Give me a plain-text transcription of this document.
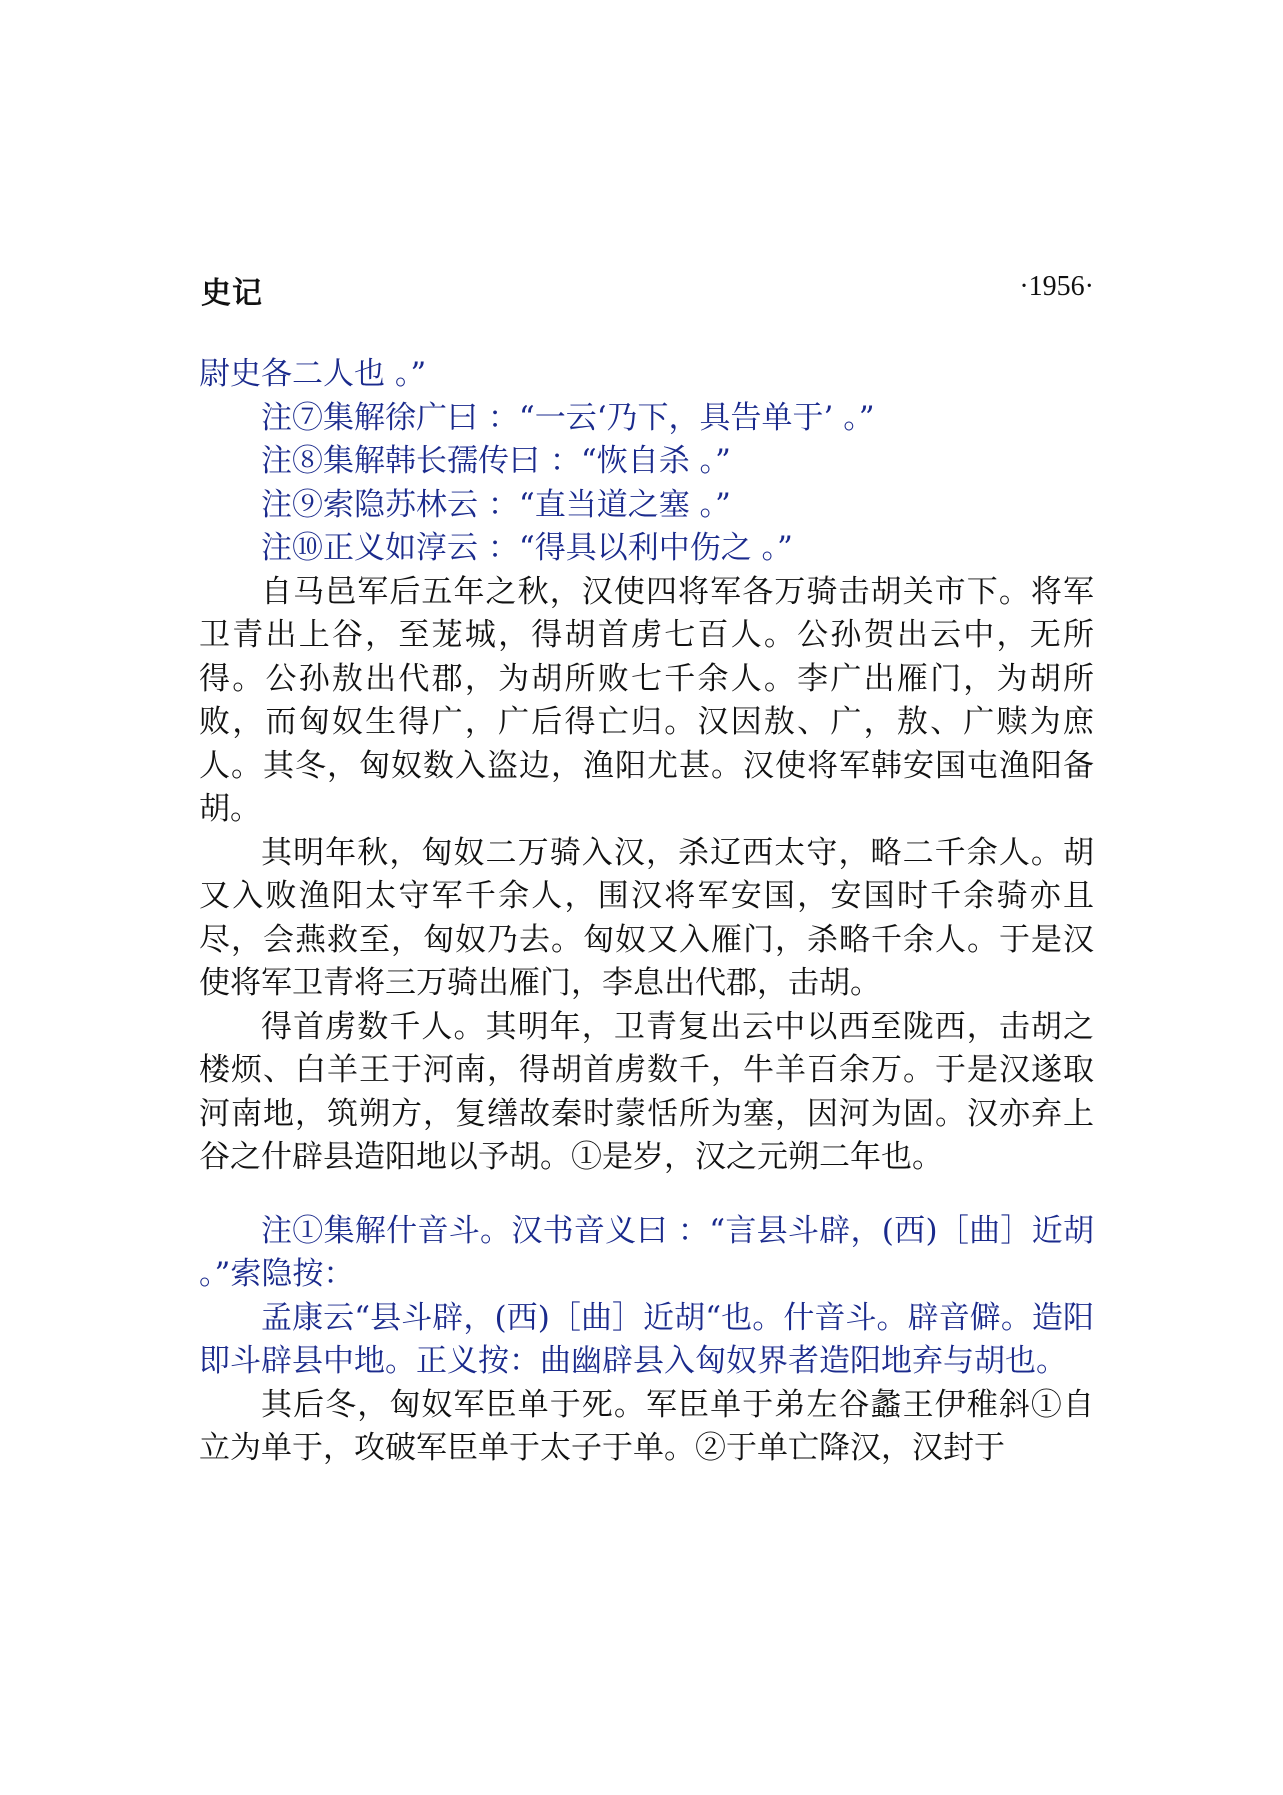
史记	·1956·

尉史各二人也 。”

注⑦集解徐广曰 ：“一云‘乃下，具告单于’ 。”

注⑧集解韩长孺传曰 ：“恢自杀 。”

注⑨索隐苏林云 ：“直当道之塞 。”

注⑩正义如淳云 ：“得具以利中伤之 。”

自马邑军后五年之秋，汉使四将军各万骑击胡关市下。将军卫青出上谷，至茏城，得胡首虏七百人。公孙贺出云中，无所得。公孙敖出代郡，为胡所败七千余人。李广出雁门，为胡所败，而匈奴生得广，广后得亡归。汉因敖、广，敖、广赎为庶人。其冬，匈奴数入盗边，渔阳尤甚。汉使将军韩安国屯渔阳备胡。

其明年秋，匈奴二万骑入汉，杀辽西太守，略二千余人。胡又入败渔阳太守军千余人，围汉将军安国，安国时千余骑亦且尽，会燕救至，匈奴乃去。匈奴又入雁门，杀略千余人。于是汉使将军卫青将三万骑出雁门，李息出代郡，击胡。

得首虏数千人。其明年，卫青复出云中以西至陇西，击胡之楼烦、白羊王于河南，得胡首虏数千，牛羊百余万。于是汉遂取河南地，筑朔方，复缮故秦时蒙恬所为塞，因河为固。汉亦弃上谷之什辟县造阳地以予胡。①是岁，汉之元朔二年也。

注①集解什音斗。汉书音义曰 ：“言县斗辟，(西)［曲］近胡 。”索隐按：

孟康云“县斗辟，(西)［曲］近胡“也。什音斗。辟音僻。造阳即斗辟县中地。正义按：曲幽辟县入匈奴界者造阳地弃与胡也。

其后冬，匈奴军臣单于死。军臣单于弟左谷蠡王伊稚斜①自立为单于，攻破军臣单于太子于单。②于单亡降汉，汉封于
